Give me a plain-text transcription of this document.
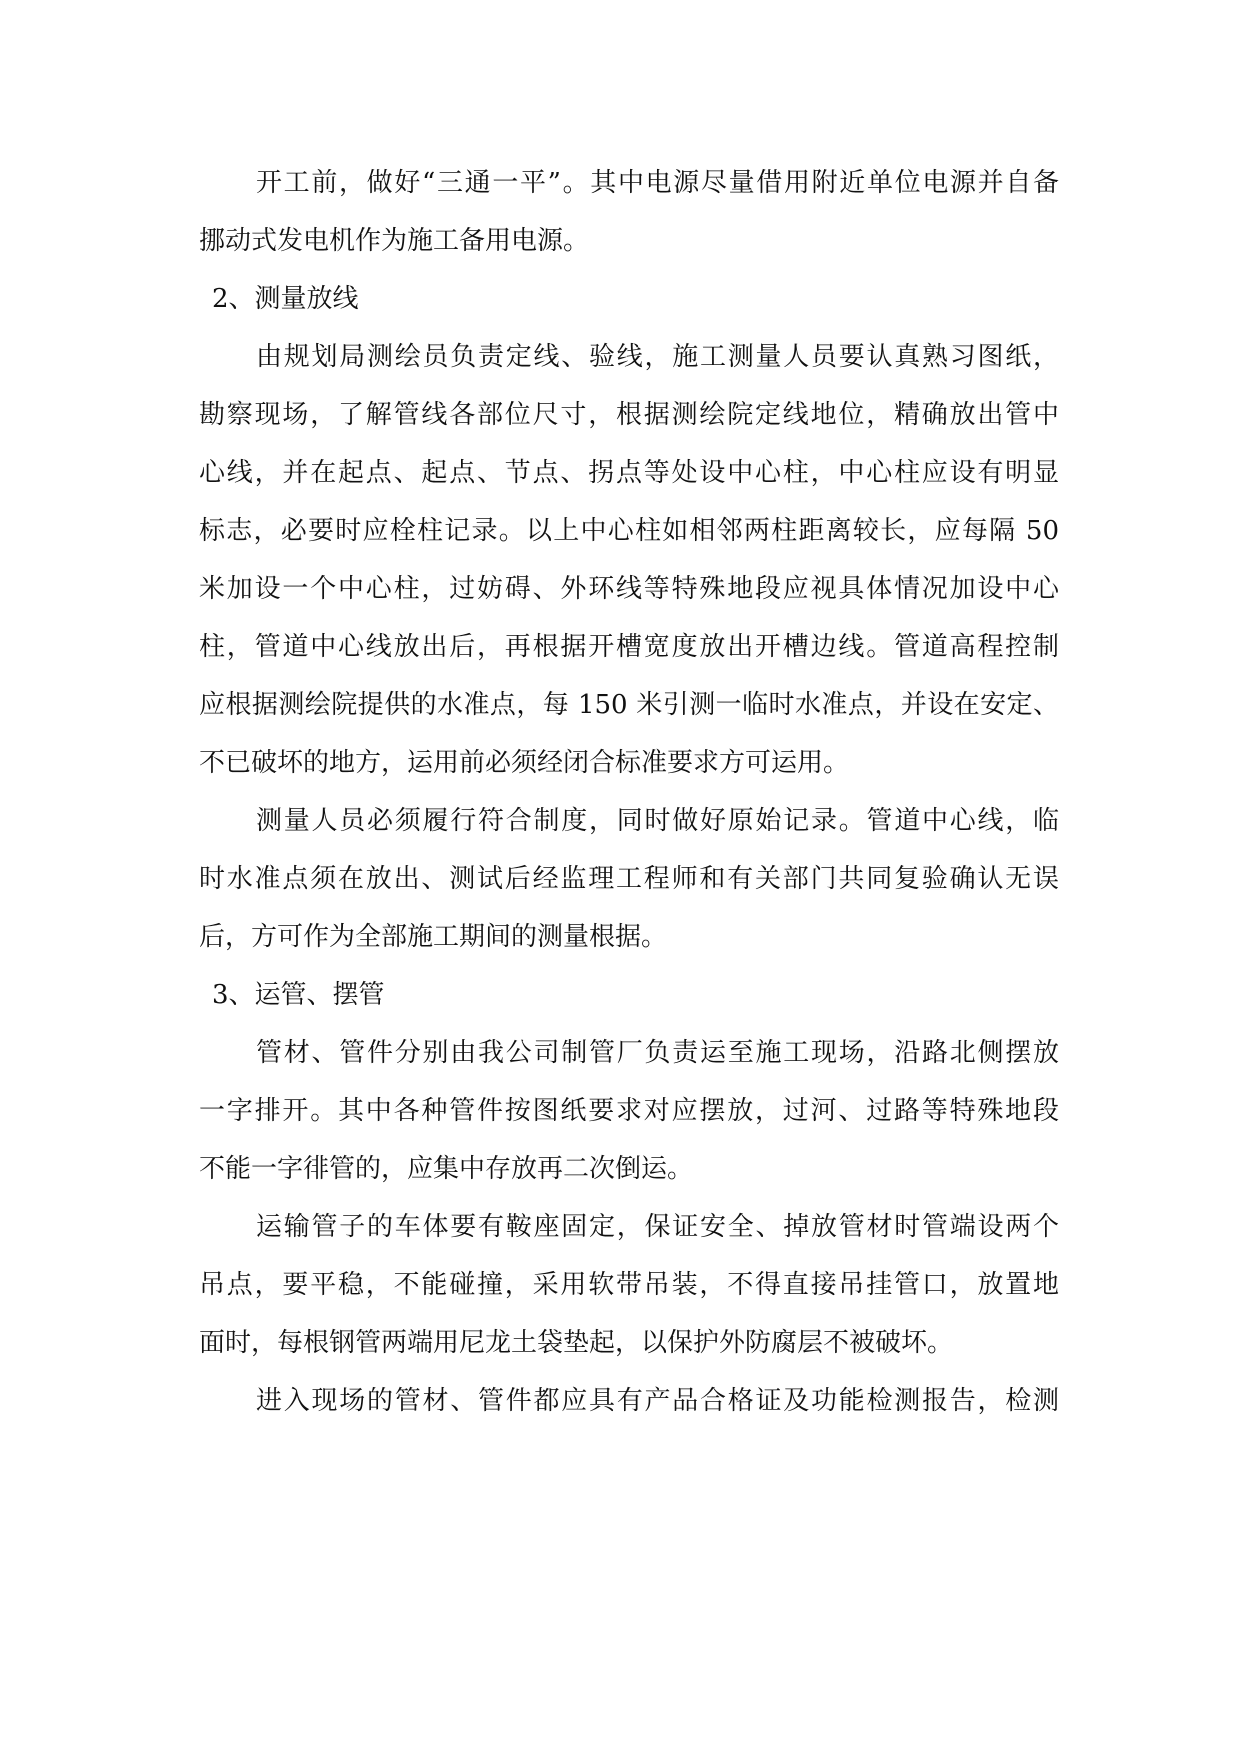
开工前，做好“三通一平”。其中电源尽量借用附近单位电源并自备
挪动式发电机作为施工备用电源。
2、测量放线
由规划局测绘员负责定线、验线，施工测量人员要认真熟习图纸，
勘察现场，了解管线各部位尺寸，根据测绘院定线地位，精确放出管中
心线，并在起点、起点、节点、拐点等处设中心柱，中心柱应设有明显
标志，必要时应栓柱记录。以上中心柱如相邻两柱距离较长，应每隔 50
米加设一个中心柱，过妨碍、外环线等特殊地段应视具体情况加设中心
柱，管道中心线放出后，再根据开槽宽度放出开槽边线。管道高程控制
应根据测绘院提供的水准点，每 150 米引测一临时水准点，并设在安定、
不已破坏的地方，运用前必须经闭合标准要求方可运用。
测量人员必须履行符合制度，同时做好原始记录。管道中心线，临
时水准点须在放出、测试后经监理工程师和有关部门共同复验确认无误
后，方可作为全部施工期间的测量根据。
3、运管、摆管
管材、管件分别由我公司制管厂负责运至施工现场，沿路北侧摆放
一字排开。其中各种管件按图纸要求对应摆放，过河、过路等特殊地段
不能一字徘管的，应集中存放再二次倒运。
运输管子的车体要有鞍座固定，保证安全、掉放管材时管端设两个
吊点，要平稳，不能碰撞，采用软带吊装，不得直接吊挂管口，放置地
面时，每根钢管两端用尼龙土袋垫起，以保护外防腐层不被破坏。
进入现场的管材、管件都应具有产品合格证及功能检测报告，检测
